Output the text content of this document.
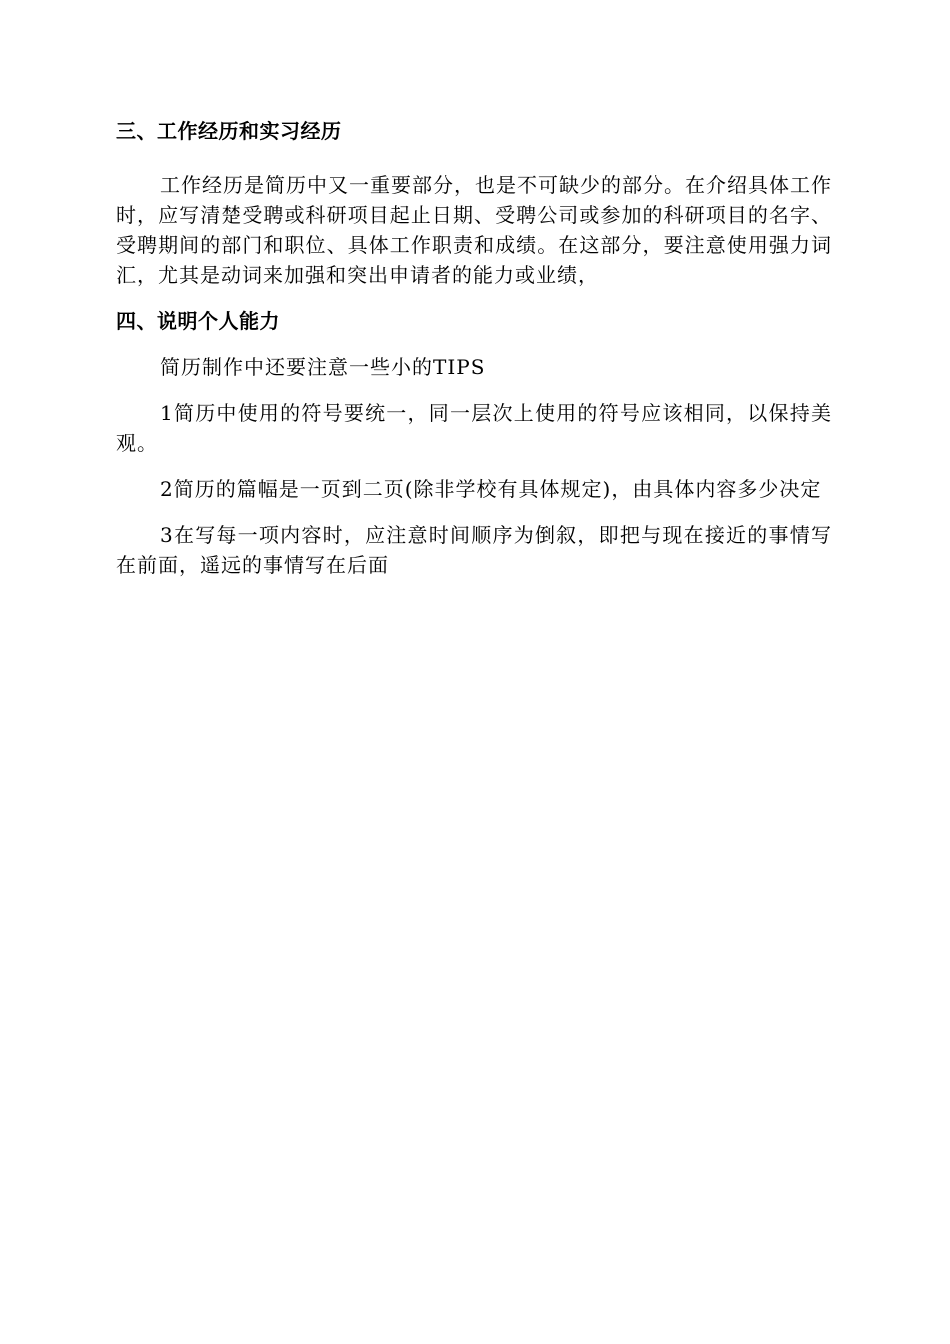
三、工作经历和实习经历

工作经历是简历中又一重要部分，也是不可缺少的部分。在介绍具体工作时，应写清楚受聘或科研项目起止日期、受聘公司或参加的科研项目的名字、受聘期间的部门和职位、具体工作职责和成绩。在这部分，要注意使用强力词汇，尤其是动词来加强和突出申请者的能力或业绩，

四、说明个人能力

简历制作中还要注意一些小的TIPS

1简历中使用的符号要统一，同一层次上使用的符号应该相同，以保持美观。

2简历的篇幅是一页到二页(除非学校有具体规定)，由具体内容多少决定

3在写每一项内容时，应注意时间顺序为倒叙，即把与现在接近的事情写在前面，遥远的事情写在后面
